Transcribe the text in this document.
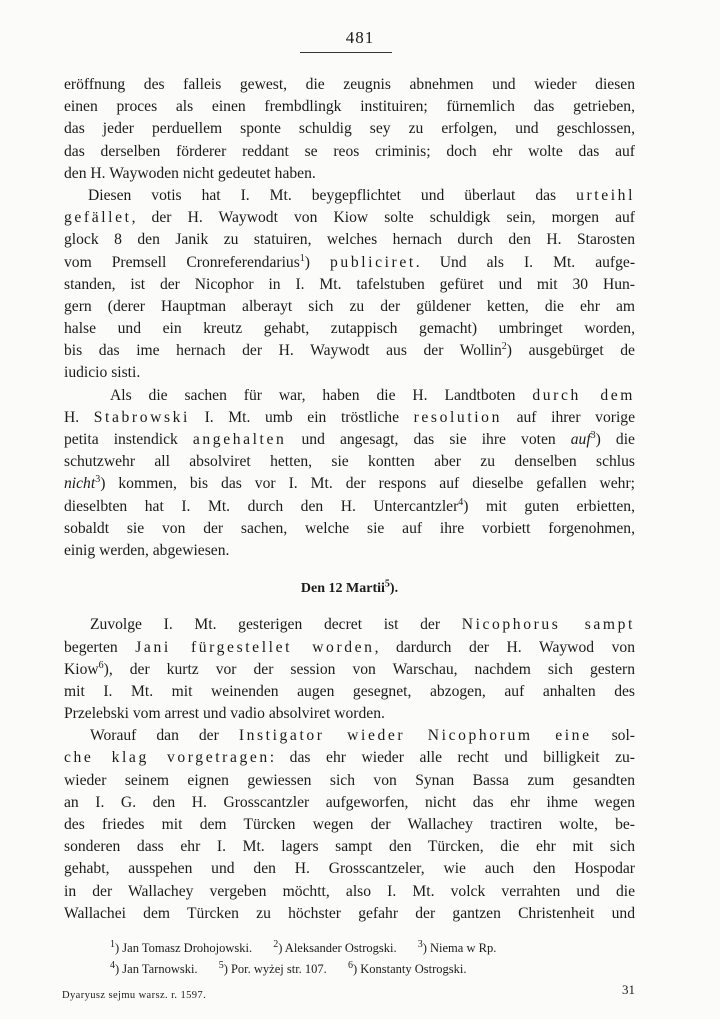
481
eröffnung des falleis gewest, die zeugnis abnehmen und wieder diesen
einen proces als einen frembdlingk instituiren; fürnemlich das getrieben,
das jeder perduellem sponte schuldig sey zu erfolgen, und geschlossen,
das derselben förderer reddant se reos criminis; doch ehr wolte das auf
den H. Waywoden nicht gedeutet haben.
Diesen votis hat I. Mt. beygepflichtet und überlaut das urteihl
gefället, der H. Waywodt von Kiow solte schuldigk sein, morgen auf
glock 8 den Janik zu statuiren, welches hernach durch den H. Starosten
vom Premsell Cronreferendarius$^1$) publiciret. Und als I. Mt. aufge-
standen, ist der Nicophor in I. Mt. tafelstuben gefüret und mit 30 Hun-
gern (derer Hauptman alberayt sich zu der güldener ketten, die ehr am
halse und ein kreutz gehabt, zutappisch gemacht) umbringet worden,
bis das ime hernach der H. Waywodt aus der Wollin$^2$) ausgebürget de
iudicio sisti.
Als die sachen für war, haben die H. Landtboten durch dem
H. Stabrowski I. Mt. umb ein tröstliche resolution auf ihrer vorige
petita instendick angehalten und angesagt, das sie ihre voten auf$^3$) die
schutzwehr all absolviret hetten, sie kontten aber zu denselben schlus
nicht$^3$) kommen, bis das vor I. Mt. der respons auf dieselbe gefallen wehr;
dieselbten hat I. Mt. durch den H. Untercantzler$^4$) mit guten erbietten,
sobaldt sie von der sachen, welche sie auf ihre vorbiett forgenohmen,
einig werden, abgewiesen.
Den 12 Martii$^5$).
Zuvolge I. Mt. gesterigen decret ist der Nicophorus sampt
begerten Jani fürgestellet worden, dardurch der H. Waywod von
Kiow$^6$), der kurtz vor der session von Warschau, nachdem sich gestern
mit I. Mt. mit weinenden augen gesegnet, abzogen, auf anhalten des
Przelebski vom arrest und vadio absolviret worden.
Worauf dan der Instigator wieder Nicophorum eine sol-
che klag vorgetragen: das ehr wieder alle recht und billigkeit zu-
wieder seinem eignen gewiessen sich von Synan Bassa zum gesandten
an I. G. den H. Grosscantzler aufgeworfen, nicht das ehr ihme wegen
des friedes mit dem Türcken wegen der Wallachey tractiren wolte, be-
sonderen dass ehr I. Mt. lagers sampt den Türcken, die ehr mit sich
gehabt, ausspehen und den H. Grosscantzeler, wie auch den Hospodar
in der Wallachey vergeben möchtt, also I. Mt. volck verrahten und die
Wallachei dem Türcken zu höchster gefahr der gantzen Christenheit und
$^1$) Jan Tomasz Drohojowski. $^2$) Aleksander Ostrogski. $^3$) Niema w Rp.
$^4$) Jan Tarnowski. $^5$) Por. wyżej str. 107. $^6$) Konstanty Ostrogski.
Dyaryusz sejmu warsz. r. 1597.	31
